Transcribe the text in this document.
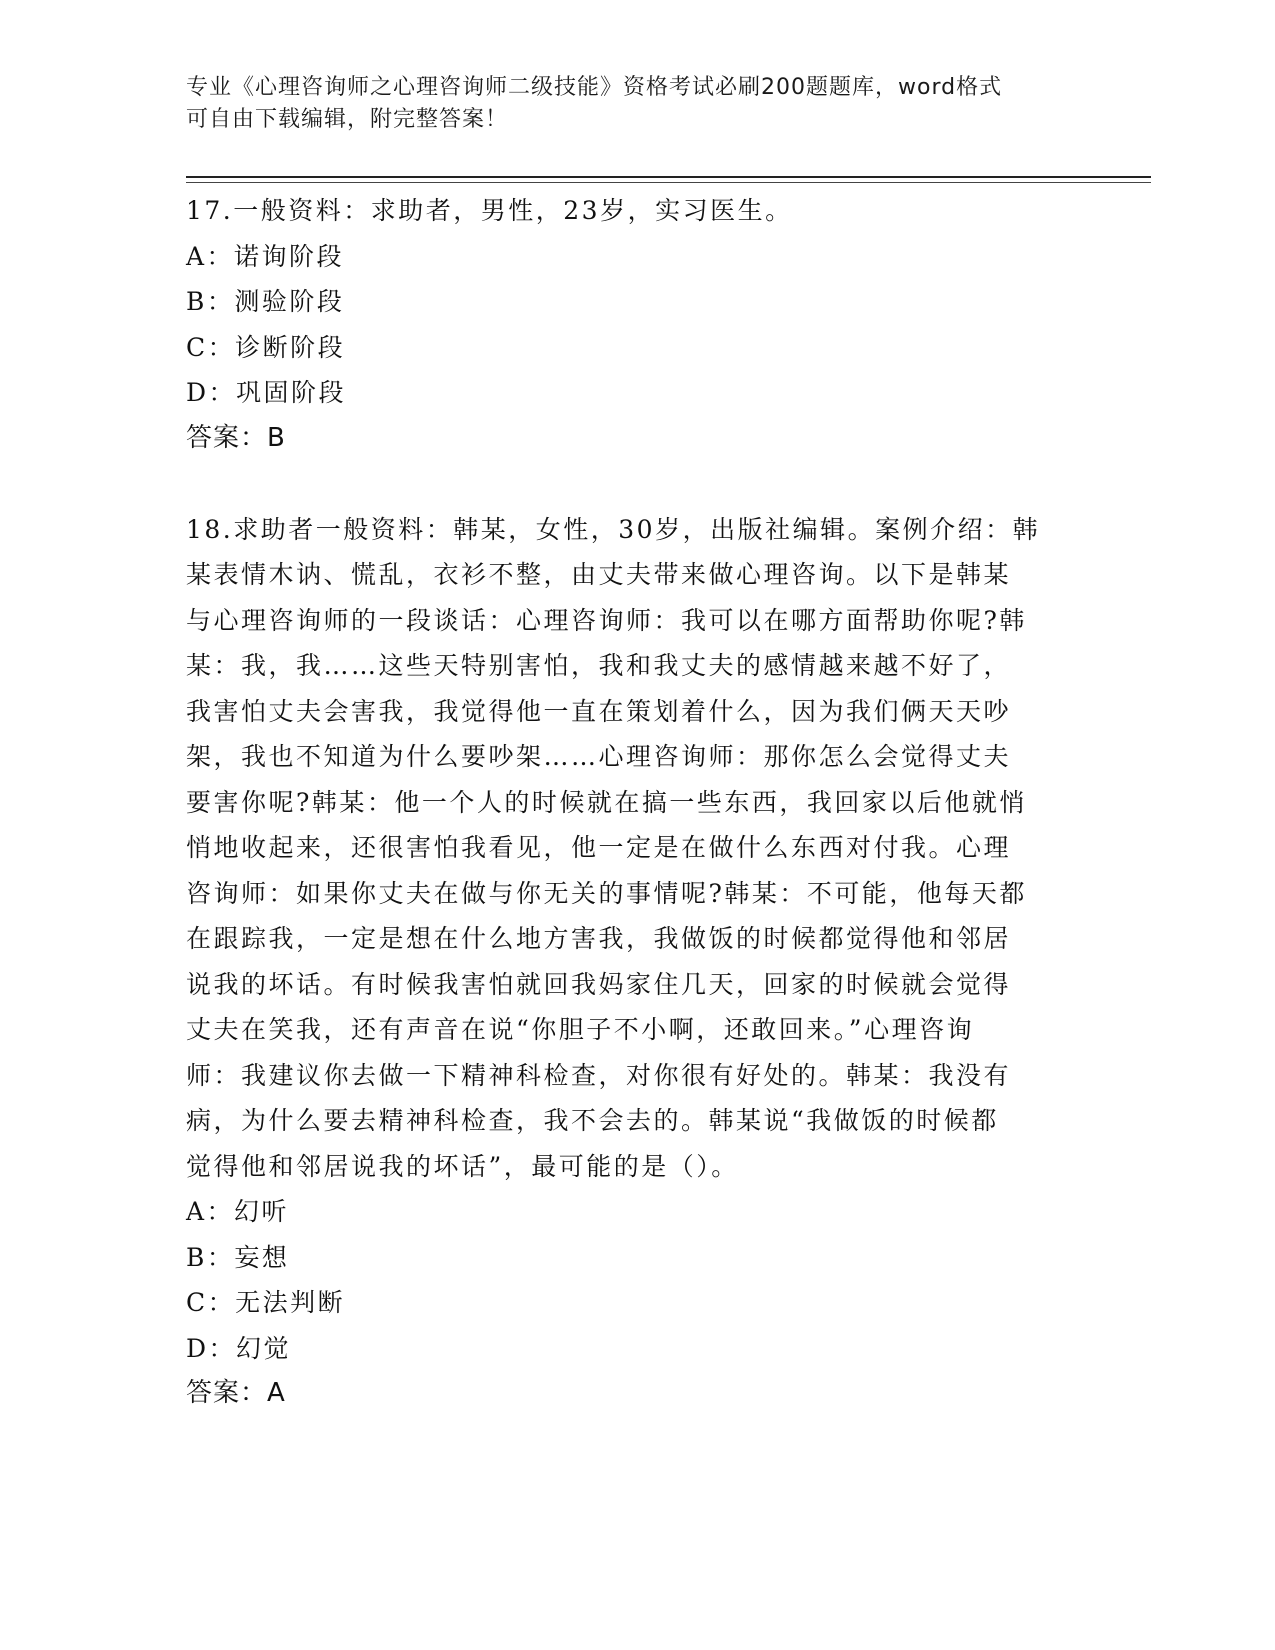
专业《心理咨询师之心理咨询师二级技能》资格考试必刷200题题库，word格式
可自由下载编辑，附完整答案！
17.一般资料：求助者，男性，23岁，实习医生。
A：诺询阶段
B：测验阶段
C：诊断阶段
D：巩固阶段
答案：B
18.求助者一般资料：韩某，女性，30岁，出版社编辑。案例介绍：韩
某表情木讷、慌乱，衣衫不整，由丈夫带来做心理咨询。以下是韩某
与心理咨询师的一段谈话：心理咨询师：我可以在哪方面帮助你呢?韩
某：我，我……这些天特别害怕，我和我丈夫的感情越来越不好了，
我害怕丈夫会害我，我觉得他一直在策划着什么，因为我们俩天天吵
架，我也不知道为什么要吵架……心理咨询师：那你怎么会觉得丈夫
要害你呢?韩某：他一个人的时候就在搞一些东西，我回家以后他就悄
悄地收起来，还很害怕我看见，他一定是在做什么东西对付我。心理
咨询师：如果你丈夫在做与你无关的事情呢?韩某：不可能，他每天都
在跟踪我，一定是想在什么地方害我，我做饭的时候都觉得他和邻居
说我的坏话。有时候我害怕就回我妈家住几天，回家的时候就会觉得
丈夫在笑我，还有声音在说“你胆子不小啊，还敢回来。”心理咨询
师：我建议你去做一下精神科检查，对你很有好处的。韩某：我没有
病，为什么要去精神科检查，我不会去的。韩某说“我做饭的时候都
觉得他和邻居说我的坏话”，最可能的是（）。
A：幻听
B：妄想
C：无法判断
D：幻觉
答案：A
